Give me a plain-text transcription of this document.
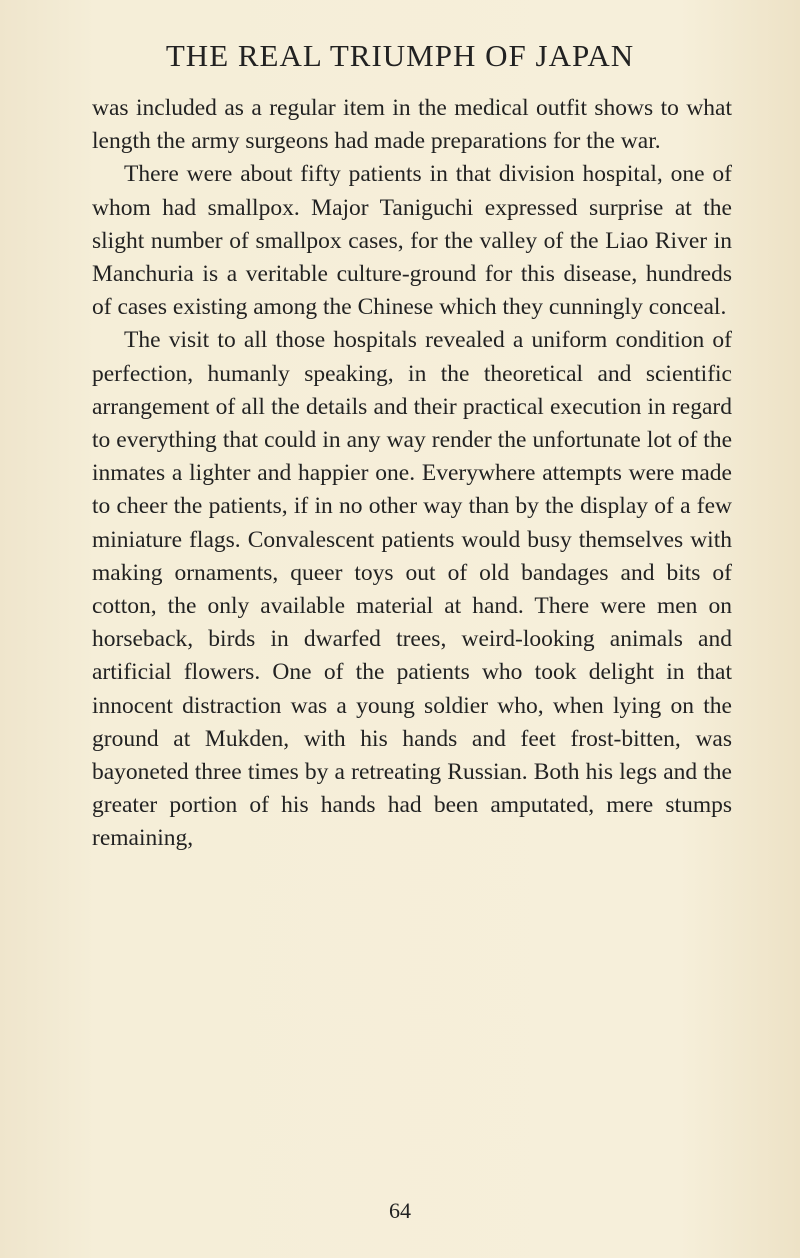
THE REAL TRIUMPH OF JAPAN

was included as a regular item in the medical outfit shows to what length the army surgeons had made preparations for the war.

There were about fifty patients in that division hospital, one of whom had smallpox. Major Taniguchi expressed surprise at the slight number of smallpox cases, for the valley of the Liao River in Manchuria is a veritable culture-ground for this disease, hundreds of cases existing among the Chinese which they cunningly conceal.

The visit to all those hospitals revealed a uniform condition of perfection, humanly speaking, in the theoretical and scientific arrangement of all the details and their practical execution in regard to everything that could in any way render the unfortunate lot of the inmates a lighter and happier one. Everywhere attempts were made to cheer the patients, if in no other way than by the display of a few miniature flags. Convalescent patients would busy themselves with making ornaments, queer toys out of old bandages and bits of cotton, the only available material at hand. There were men on horseback, birds in dwarfed trees, weird-looking animals and artificial flowers. One of the patients who took delight in that innocent distraction was a young soldier who, when lying on the ground at Mukden, with his hands and feet frost-bitten, was bayoneted three times by a retreating Russian. Both his legs and the greater portion of his hands had been amputated, mere stumps remaining,

64
